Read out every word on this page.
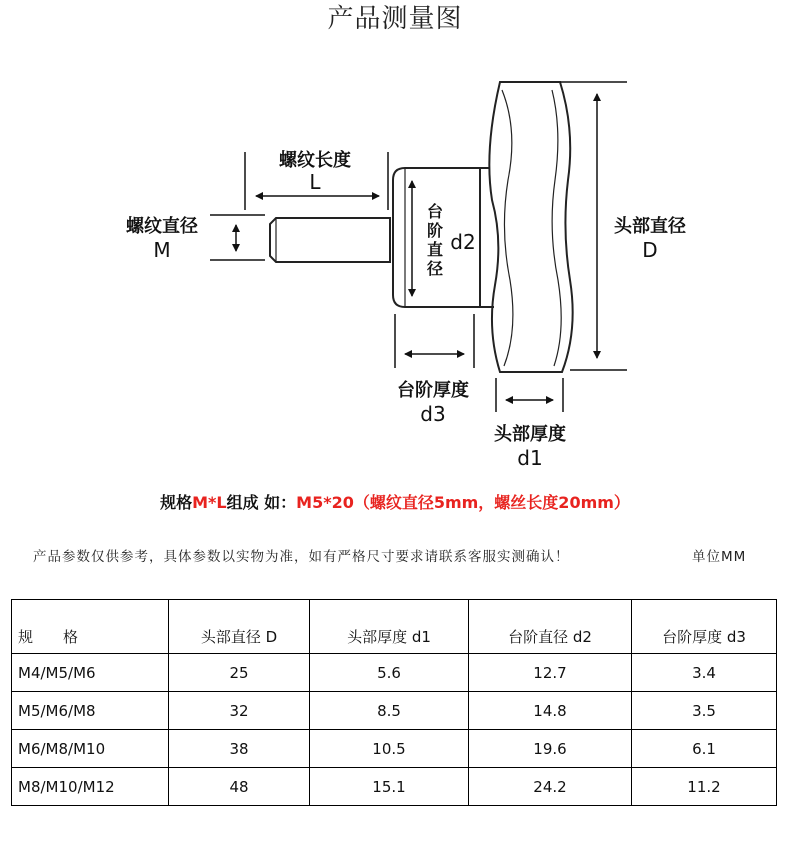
产品测量图
螺纹长度
L
螺纹直径
M
台
阶
直
径
d2
头部直径
D
台阶厚度
d3
头部厚度
d1
规格M*L组成 如：M5*20（螺纹直径5mm，螺丝长度20mm）
产品参数仅供参考，具体参数以实物为准，如有严格尺寸要求请联系客服实测确认！	单位MM
规格	头部直径 D	头部厚度 d1	台阶直径 d2	台阶厚度 d3
M4/M5/M6	25	5.6	12.7	3.4
M5/M6/M8	32	8.5	14.8	3.5
M6/M8/M10	38	10.5	19.6	6.1
M8/M10/M12	48	15.1	24.2	11.2
